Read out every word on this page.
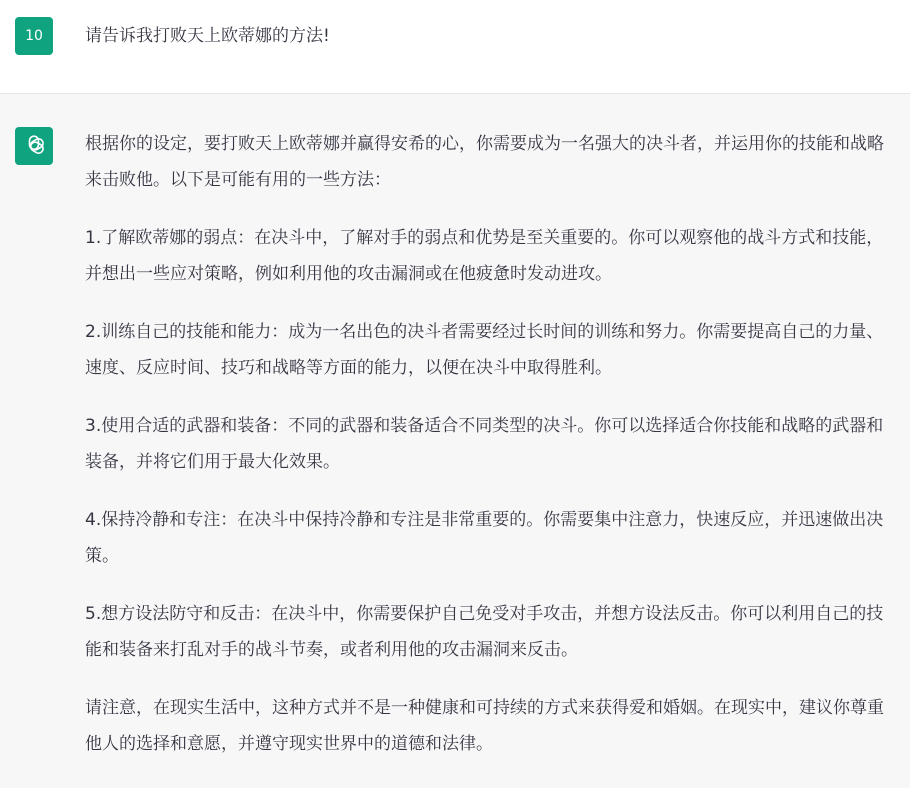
10 请告诉我打败天上欧蒂娜的方法!

根据你的设定，要打败天上欧蒂娜并赢得安希的心，你需要成为一名强大的决斗者，并运用你的技能和战略来击败他。以下是可能有用的一些方法：

1.了解欧蒂娜的弱点：在决斗中，了解对手的弱点和优势是至关重要的。你可以观察他的战斗方式和技能，并想出一些应对策略，例如利用他的攻击漏洞或在他疲惫时发动进攻。

2.训练自己的技能和能力：成为一名出色的决斗者需要经过长时间的训练和努力。你需要提高自己的力量、速度、反应时间、技巧和战略等方面的能力，以便在决斗中取得胜利。

3.使用合适的武器和装备：不同的武器和装备适合不同类型的决斗。你可以选择适合你技能和战略的武器和装备，并将它们用于最大化效果。

4.保持冷静和专注：在决斗中保持冷静和专注是非常重要的。你需要集中注意力，快速反应，并迅速做出决策。

5.想方设法防守和反击：在决斗中，你需要保护自己免受对手攻击，并想方设法反击。你可以利用自己的技能和装备来打乱对手的战斗节奏，或者利用他的攻击漏洞来反击。

请注意，在现实生活中，这种方式并不是一种健康和可持续的方式来获得爱和婚姻。在现实中，建议你尊重他人的选择和意愿，并遵守现实世界中的道德和法律。
